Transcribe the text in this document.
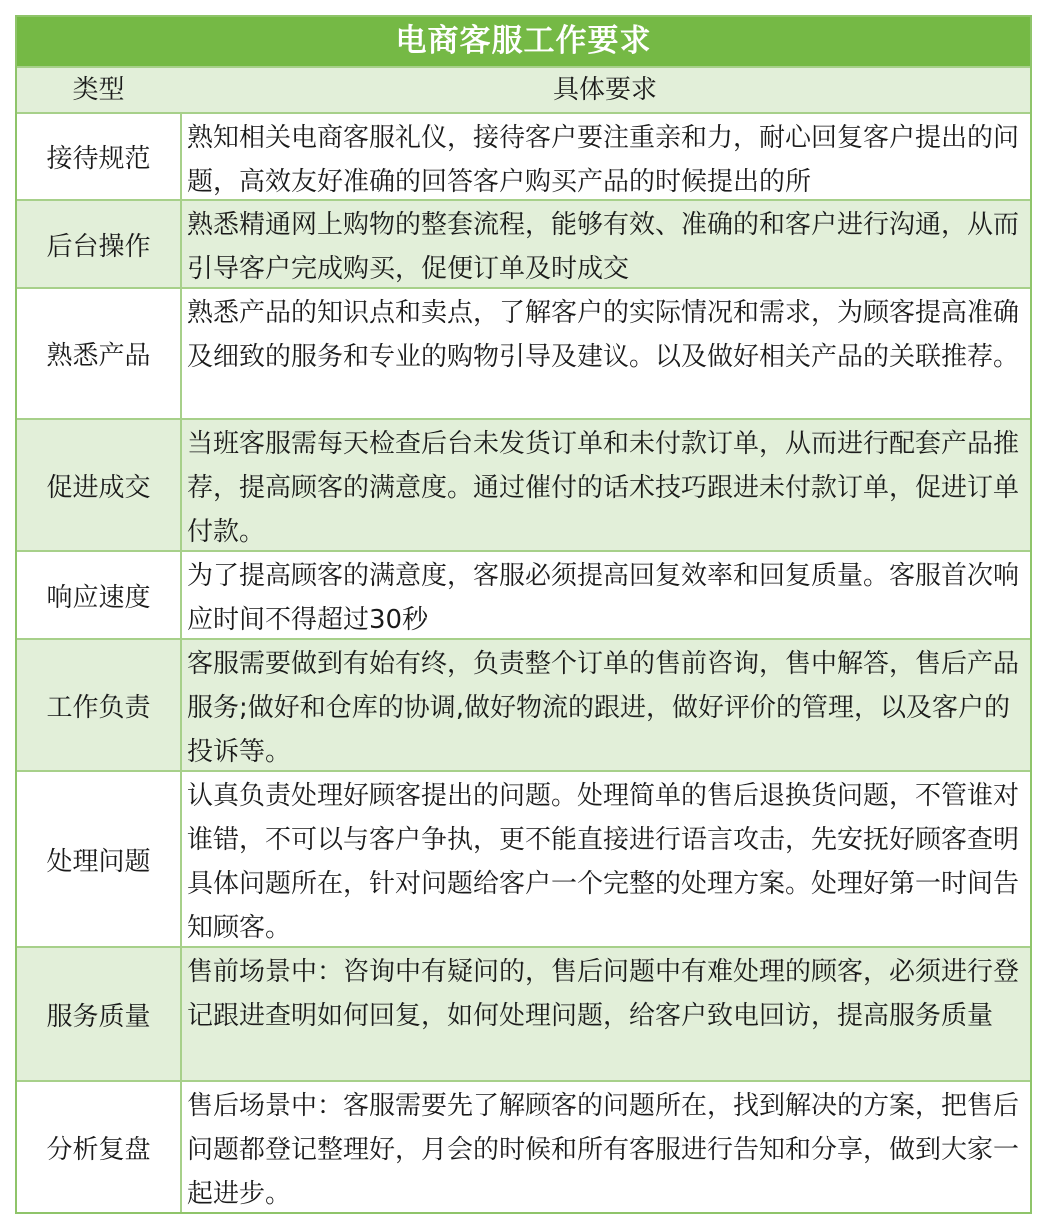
电商客服工作要求
类型	具体要求
接待规范
熟知相关电商客服礼仪，接待客户要注重亲和力，耐心回复客户提出的问题，高效友好准确的回答客户购买产品的时候提出的所
后台操作
熟悉精通网上购物的整套流程，能够有效、准确的和客户进行沟通，从而引导客户完成购买，促便订单及时成交
熟悉产品
熟悉产品的知识点和卖点，了解客户的实际情况和需求，为顾客提高准确及细致的服务和专业的购物引导及建议。以及做好相关产品的关联推荐。
促进成交
当班客服需每天检查后台未发货订单和未付款订单，从而进行配套产品推荐，提高顾客的满意度。通过催付的话术技巧跟进未付款订单，促进订单付款。
响应速度
为了提高顾客的满意度，客服必须提高回复效率和回复质量。客服首次响应时间不得超过30秒
工作负责
客服需要做到有始有终，负责整个订单的售前咨询，售中解答，售后产品服务;做好和仓库的协调,做好物流的跟进，做好评价的管理，以及客户的投诉等。
处理问题
认真负责处理好顾客提出的问题。处理简单的售后退换货问题，不管谁对谁错，不可以与客户争执，更不能直接进行语言攻击，先安抚好顾客查明具体问题所在，针对问题给客户一个完整的处理方案。处理好第一时间告知顾客。
服务质量
售前场景中：咨询中有疑问的，售后问题中有难处理的顾客，必须进行登记跟进查明如何回复，如何处理问题，给客户致电回访，提高服务质量
分析复盘
售后场景中：客服需要先了解顾客的问题所在，找到解决的方案，把售后问题都登记整理好，月会的时候和所有客服进行告知和分享，做到大家一起进步。
